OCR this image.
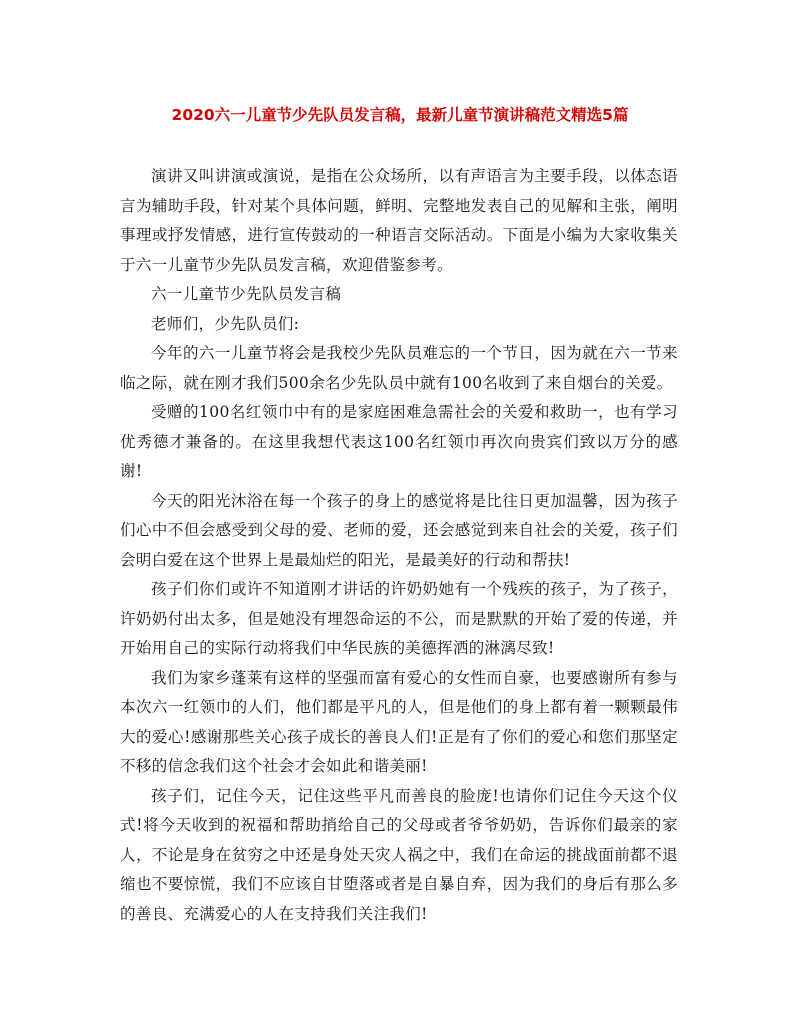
2020六一儿童节少先队员发言稿，最新儿童节演讲稿范文精选5篇

演讲又叫讲演或演说，是指在公众场所，以有声语言为主要手段，以体态语言为辅助手段，针对某个具体问题，鲜明、完整地发表自己的见解和主张，阐明事理或抒发情感，进行宣传鼓动的一种语言交际活动。下面是小编为大家收集关于六一儿童节少先队员发言稿，欢迎借鉴参考。

六一儿童节少先队员发言稿

老师们，少先队员们:

今年的六一儿童节将会是我校少先队员难忘的一个节日，因为就在六一节来临之际，就在刚才我们500余名少先队员中就有100名收到了来自烟台的关爱。

受赠的100名红领巾中有的是家庭困难急需社会的关爱和救助一，也有学习优秀德才兼备的。在这里我想代表这100名红领巾再次向贵宾们致以万分的感谢!

今天的阳光沐浴在每一个孩子的身上的感觉将是比往日更加温馨，因为孩子们心中不但会感受到父母的爱、老师的爱，还会感觉到来自社会的关爱，孩子们会明白爱在这个世界上是最灿烂的阳光，是最美好的行动和帮扶!

孩子们你们或许不知道刚才讲话的许奶奶她有一个残疾的孩子，为了孩子，许奶奶付出太多，但是她没有埋怨命运的不公，而是默默的开始了爱的传递，并开始用自己的实际行动将我们中华民族的美德挥洒的淋漓尽致!

我们为家乡蓬莱有这样的坚强而富有爱心的女性而自豪，也要感谢所有参与本次六一红领巾的人们，他们都是平凡的人，但是他们的身上都有着一颗颗最伟大的爱心!感谢那些关心孩子成长的善良人们!正是有了你们的爱心和您们那坚定不移的信念我们这个社会才会如此和谐美丽!

孩子们，记住今天，记住这些平凡而善良的脸庞!也请你们记住今天这个仪式!将今天收到的祝福和帮助捎给自己的父母或者爷爷奶奶，告诉你们最亲的家人，不论是身在贫穷之中还是身处天灾人祸之中，我们在命运的挑战面前都不退缩也不要惊慌，我们不应该自甘堕落或者是自暴自弃，因为我们的身后有那么多的善良、充满爱心的人在支持我们关注我们!
